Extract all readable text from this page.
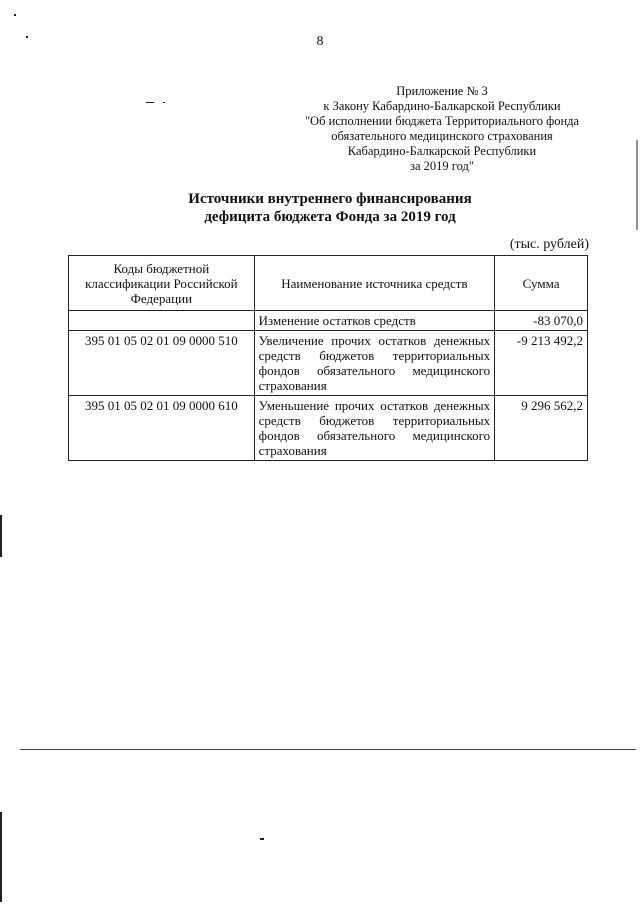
8
Приложение № 3
к Закону Кабардино-Балкарской Республики
"Об исполнении бюджета Территориального фонда
обязательного медицинского страхования
Кабардино-Балкарской Республики
за 2019 год"
Источники внутреннего финансирования
дефицита бюджета Фонда за 2019 год
(тыс. рублей)
Коды бюджетной классификации Российской Федерации	Наименование источника средств	Сумма
	Изменение остатков средств	-83 070,0
395 01 05 02 01 09 0000 510	Увеличение прочих остатков денежных средств бюджетов территориальных фондов обязательного медицинского страхования	-9 213 492,2
395 01 05 02 01 09 0000 610	Уменьшение прочих остатков денежных средств бюджетов территориальных фондов обязательного медицинского страхования	9 296 562,2
